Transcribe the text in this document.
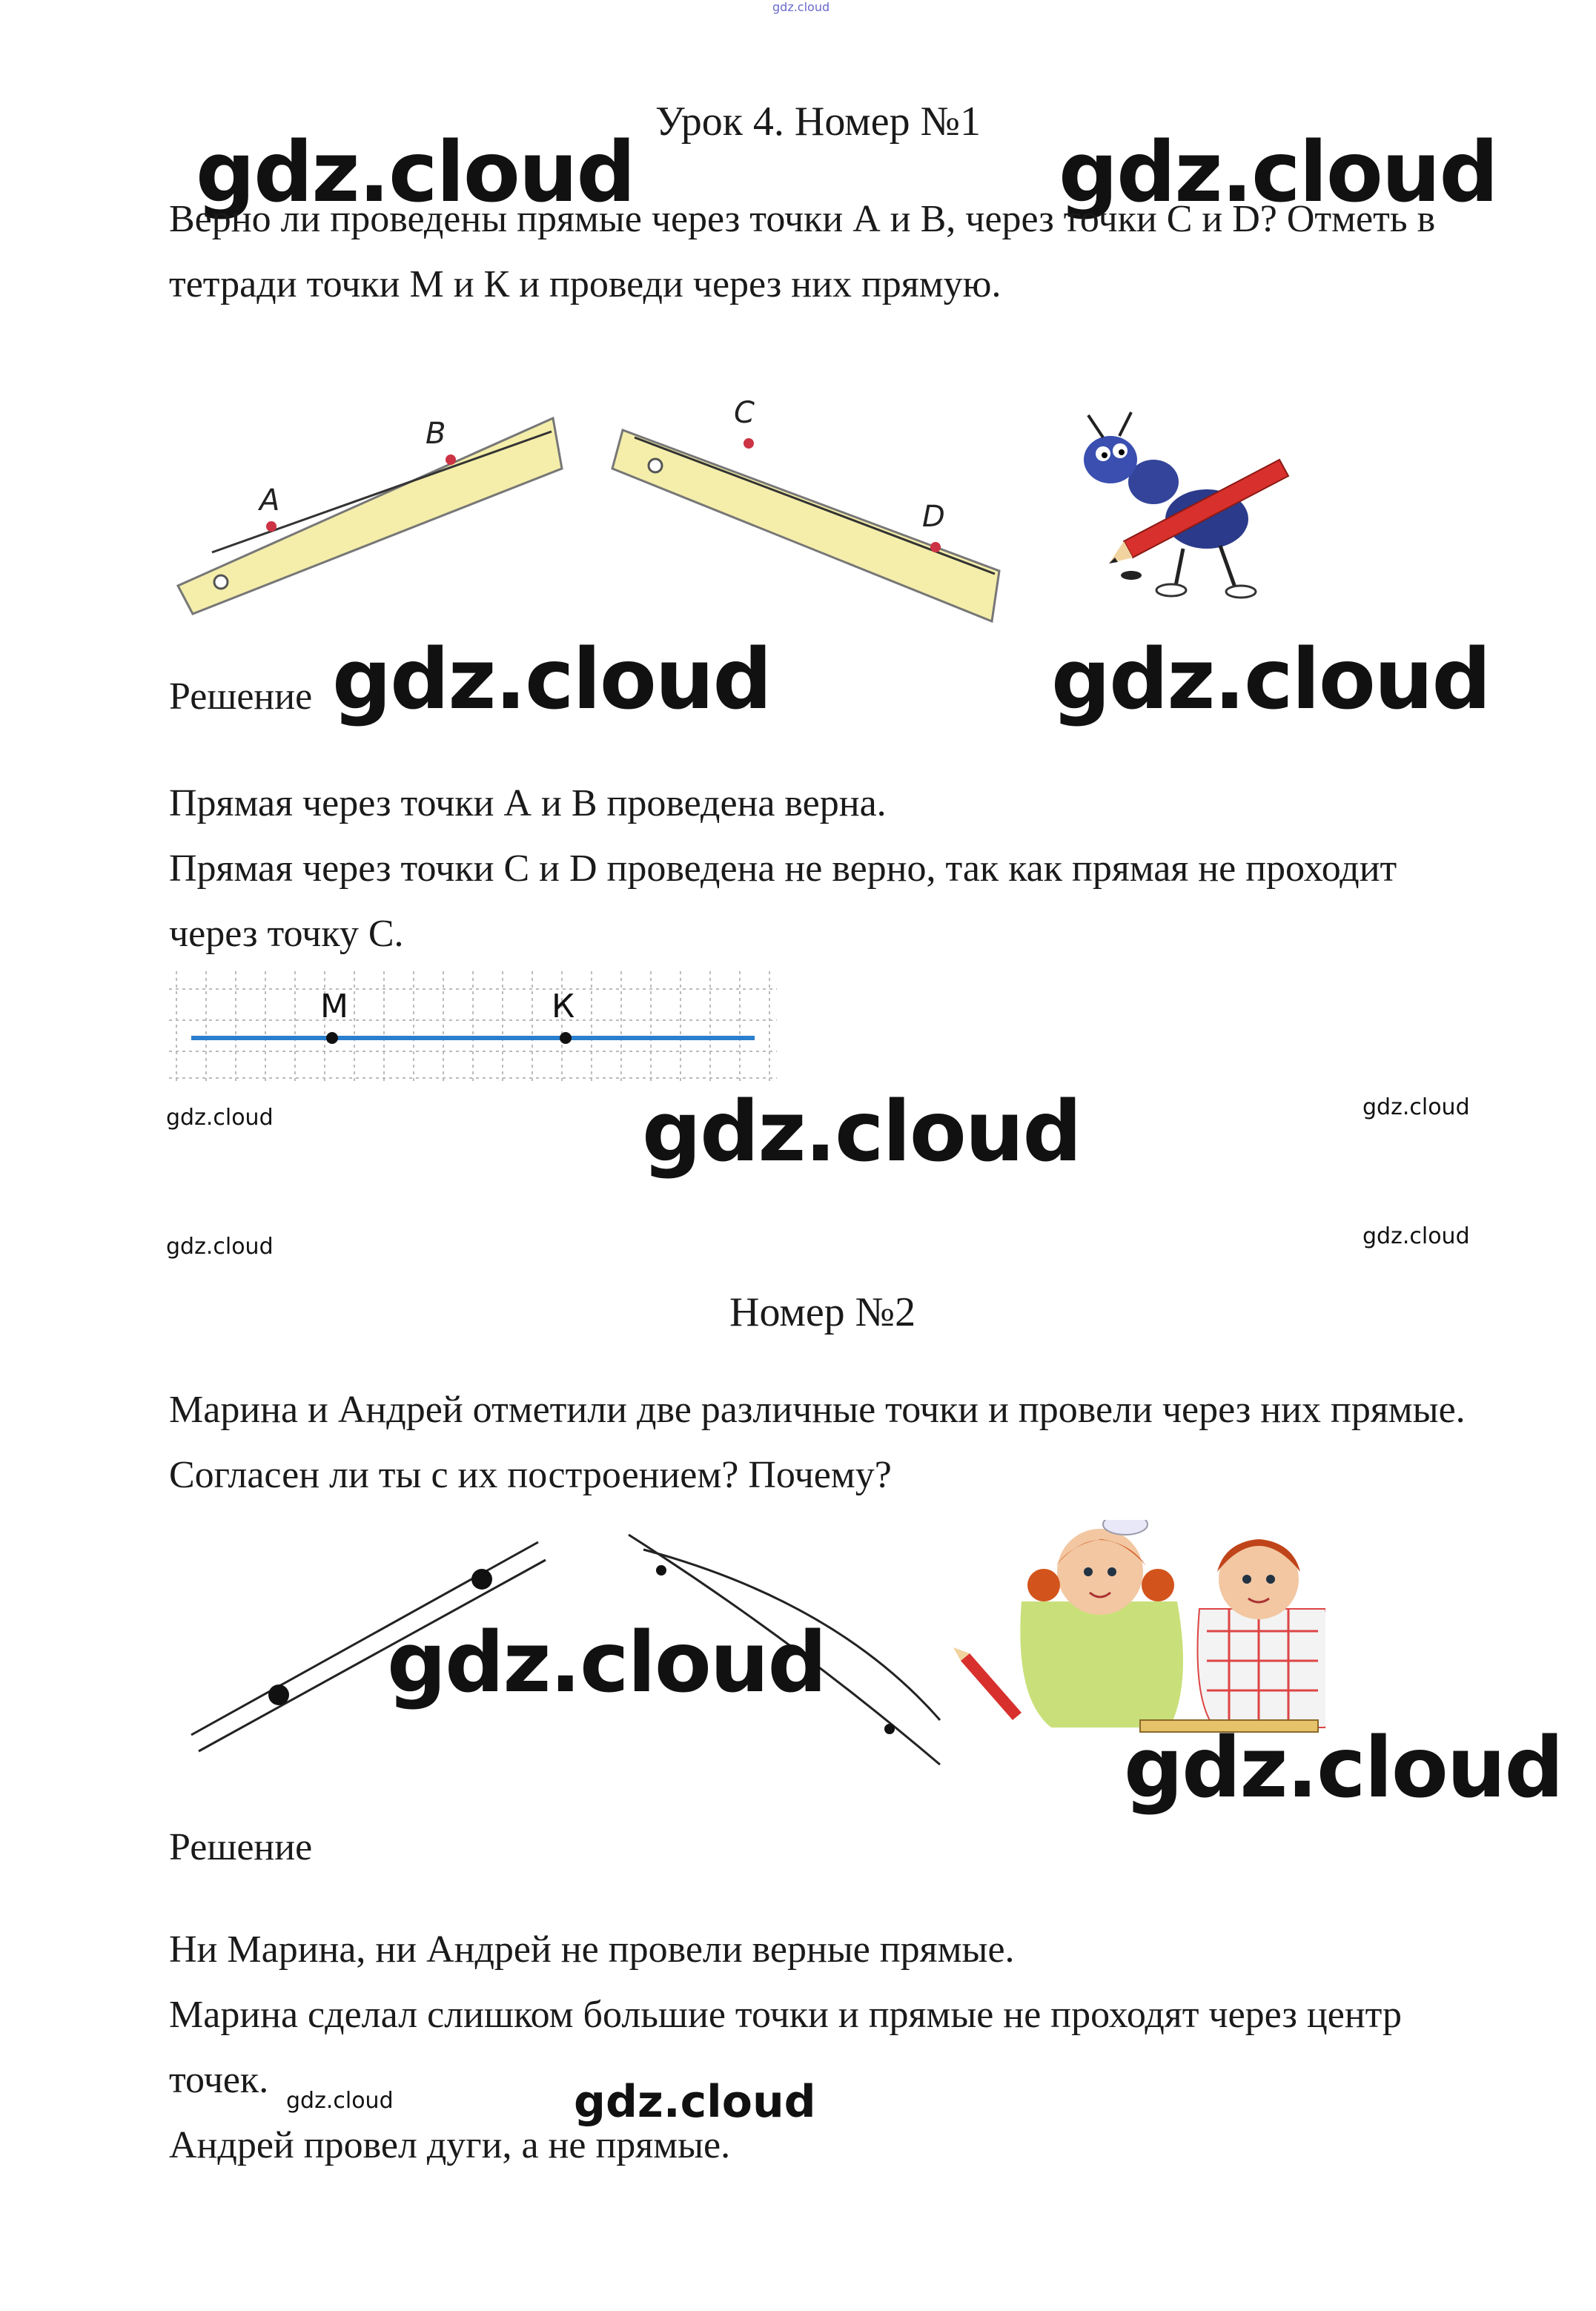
gdz.cloud
Урок 4. Номер №1
gdz.cloud	gdz.cloud

Верно ли проведены прямые через точки А и В, через точки С и D? Отметь в тетради точки М и К и проведи через них прямую.

A
B
C
D
Решение gdz.cloud	gdz.cloud

Прямая через точки А и В проведена верна.

Прямая через точки С и D проведена не верно, так как прямая не проходит через точку С.

М	К
gdz.cloud	gdz.cloud
gdz.cloud
gdz.cloud	gdz.cloud
Номер №2

Марина и Андрей отметили две различные точки и провели через них прямые. Согласен ли ты с их построением? Почему?

gdz.cloud
gdz.cloud
Решение

Ни Марина, ни Андрей не провели верные прямые.

Марина сделал слишком большие точки и прямые не проходят через центр точек.

Андрей провел дуги, а не прямые.

gdz.cloud	gdz.cloud
